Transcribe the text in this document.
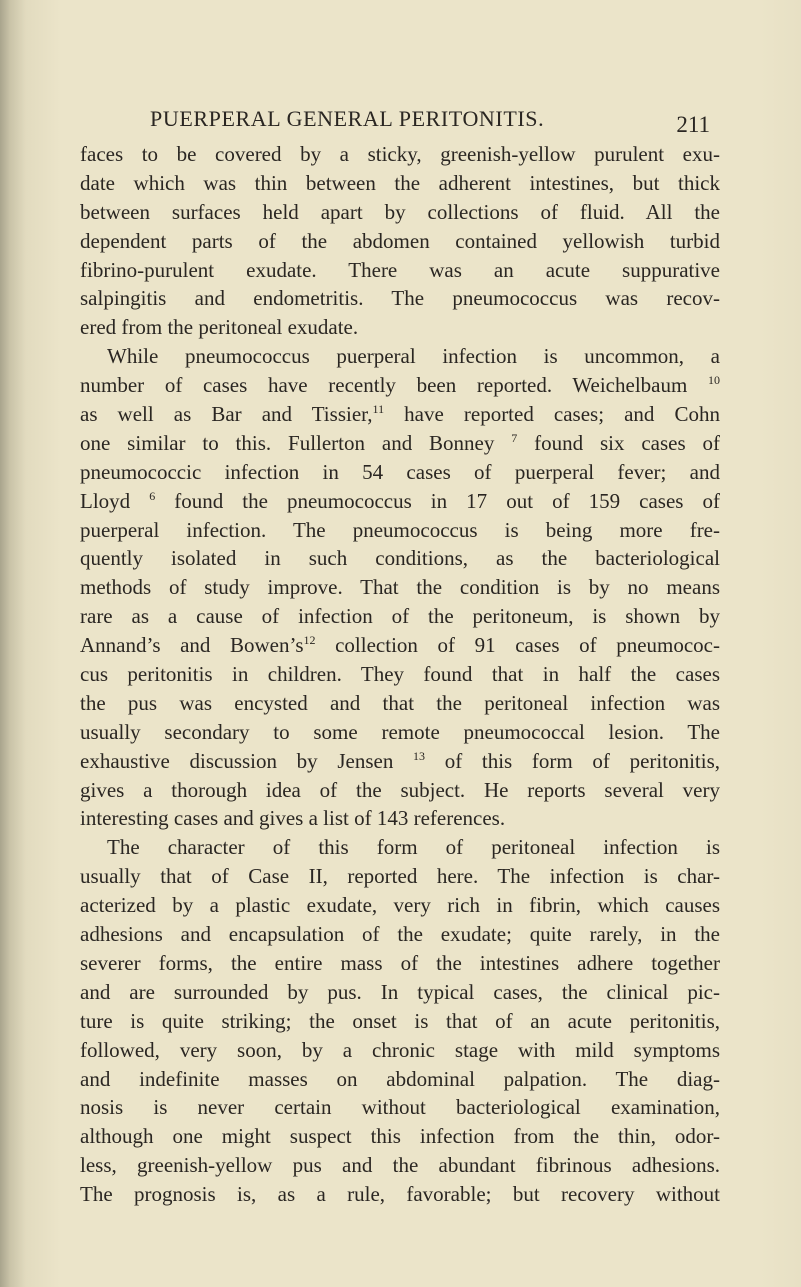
PUERPERAL GENERAL PERITONITIS.	211
faces to be covered by a sticky, greenish-yellow purulent exu-
date which was thin between the adherent intestines, but thick
between surfaces held apart by collections of fluid. All the
dependent parts of the abdomen contained yellowish turbid
fibrino-purulent exudate. There was an acute suppurative
salpingitis and endometritis. The pneumococcus was recov-
ered from the peritoneal exudate.
While pneumococcus puerperal infection is uncommon, a
number of cases have recently been reported. Weichelbaum $^{10}$
as well as Bar and Tissier,$^{11}$ have reported cases; and Cohn
one similar to this. Fullerton and Bonney $^7$ found six cases of
pneumococcic infection in 54 cases of puerperal fever; and
Lloyd $^6$ found the pneumococcus in 17 out of 159 cases of
puerperal infection. The pneumococcus is being more fre-
quently isolated in such conditions, as the bacteriological
methods of study improve. That the condition is by no means
rare as a cause of infection of the peritoneum, is shown by
Annand’s and $Bowen’s^{12}$ collection of 91 cases of pneumococ-
cus peritonitis in children. They found that in half the cases
the pus was encysted and that the peritoneal infection was
usually secondary to some remote pneumococcal lesion. The
exhaustive discussion by Jensen $^{13}$ of this form of peritonitis,
gives a thorough idea of the subject. He reports several very
interesting cases and gives a list of 143 references.
The character of this form of peritoneal infection is
usually that of Case II, reported here. The infection is char-
acterized by a plastic exudate, very rich in fibrin, which causes
adhesions and encapsulation of the exudate; quite rarely, in the
severer forms, the entire mass of the intestines adhere together
and are surrounded by pus. In typical cases, the clinical pic-
ture is quite striking; the onset is that of an acute peritonitis,
followed, very soon, by a chronic stage with mild symptoms
and indefinite masses on abdominal palpation. The diag-
nosis is never certain without bacteriological examination,
although one might suspect this infection from the thin, odor-
less, greenish-yellow pus and the abundant fibrinous adhesions.
The prognosis is, as a rule, favorable; but recovery without
